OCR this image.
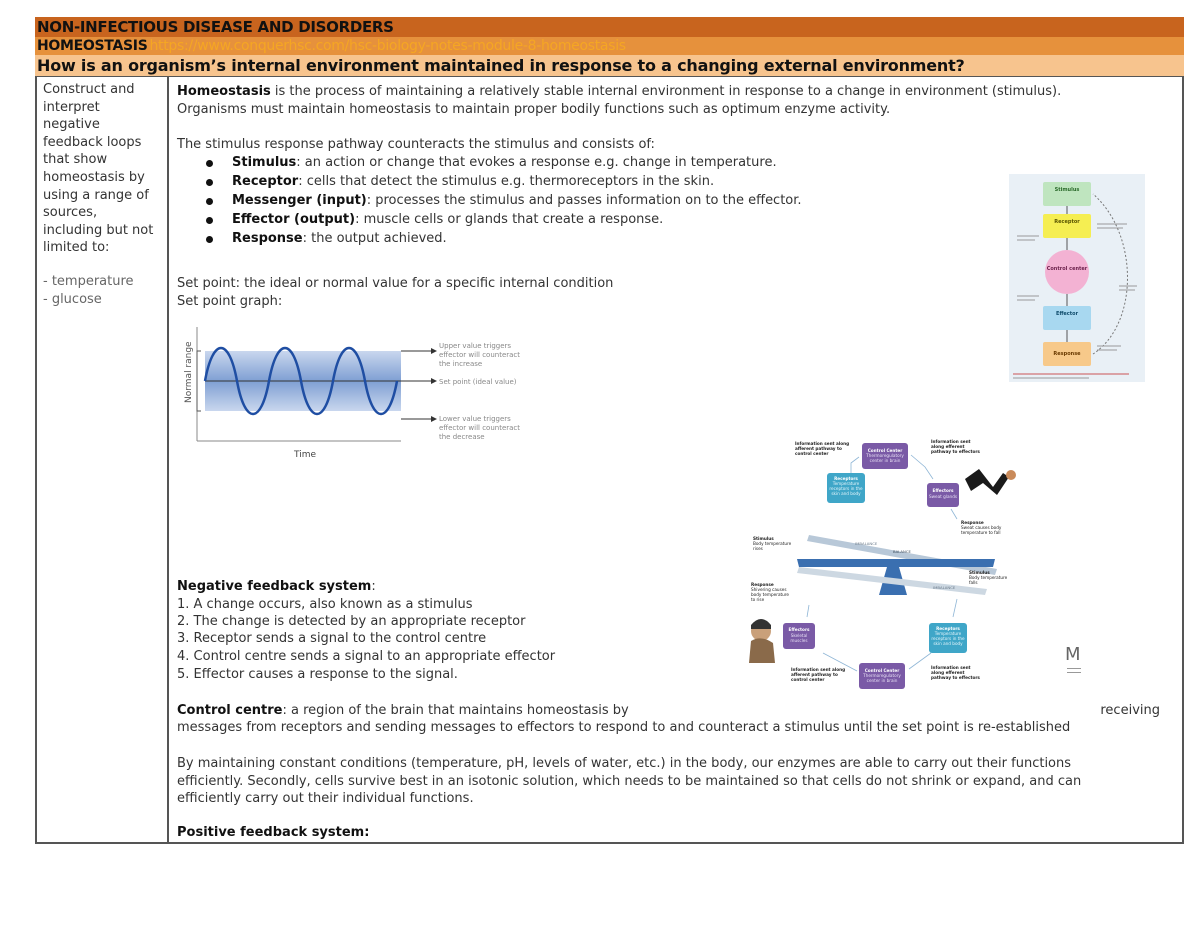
NON-INFECTIOUS DISEASE AND DISORDERS
HOMEOSTASIS https://www.conquerhsc.com/hsc-biology-notes-module-8-homeostasis
How is an organism’s internal environment maintained in response to a changing external environment?
Construct and
interpret
negative
feedback loops
that show
homeostasis by
using a range of
sources,
including but not
limited to:
- temperature
- glucose
Homeostasis is the process of maintaining a relatively stable internal environment in response to a change in environment (stimulus).
Organisms must maintain homeostasis to maintain proper bodily functions such as optimum enzyme activity.
The stimulus response pathway counteracts the stimulus and consists of:
Stimulus: an action or change that evokes a response e.g. change in temperature.
Receptor: cells that detect the stimulus e.g. thermoreceptors in the skin.
Messenger (input): processes the stimulus and passes information on to the effector.
Effector (output): muscle cells or glands that create a response.
Response: the output achieved.
Set point: the ideal or normal value for a specific internal condition
Set point graph:
Normal range
Time
Upper value triggers
effector will counteract
the increase
Set point (ideal value)
Lower value triggers
effector will counteract
the decrease
Negative feedback system:
1. A change occurs, also known as a stimulus
2. The change is detected by an appropriate receptor
3. Receptor sends a signal to the control centre
4. Control centre sends a signal to an appropriate effector
5. Effector causes a response to the signal.
Control centre: a region of the brain that maintains homeostasis by	receiving
messages from receptors and sending messages to effectors to respond to and counteract a stimulus until the set point is re-established
By maintaining constant conditions (temperature, pH, levels of water, etc.) in the body, our enzymes are able to carry out their functions
efficiently. Secondly, cells survive best in an isotonic solution, which needs to be maintained so that cells do not shrink or expand, and can
efficiently carry out their individual functions.
Positive feedback system:
Stimulus
Receptor
Control center
Effector
Response
Information sent along
afferent pathway to
control center
Control Center
Thermoregulatory
center in brain
Information sent
along efferent
pathway to effectors
Receptors
Temperature
receptors in the
skin and body
Effectors
Sweat glands
Response
Sweat causes body
temperature to fall
Stimulus
Body temperature
rises
IMBALANCE
BALANCE
IMBALANCE
Stimulus
Body temperature
falls
Response
Shivering causes
body temperature
to rise
Effectors
Skeletal
muscles
Receptors
Temperature
receptors in the
skin and body
Information sent along
afferent pathway to
control center
Control Center
Thermoregulatory
center in brain
Information sent
along efferent
pathway to effectors
M
